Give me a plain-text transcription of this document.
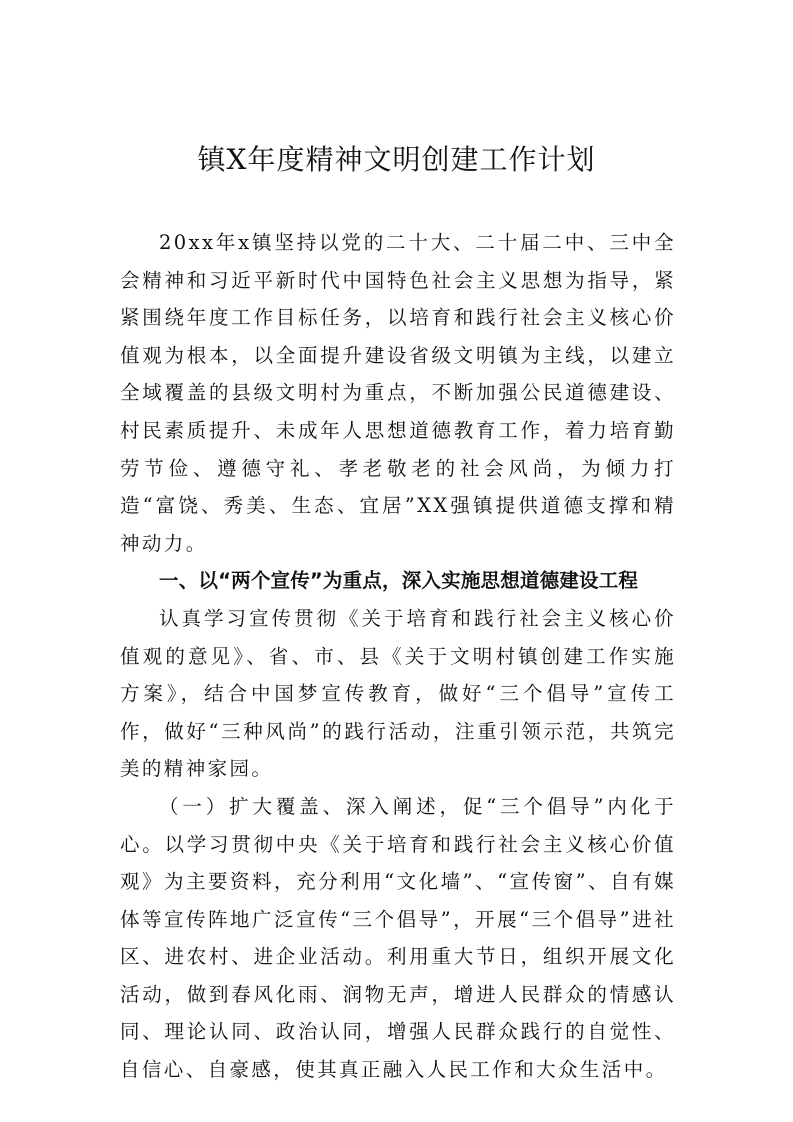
镇X年度精神文明创建工作计划

20xx年x镇坚持以党的二十大、二十届二中、三中全会精神和习近平新时代中国特色社会主义思想为指导，紧紧围绕年度工作目标任务，以培育和践行社会主义核心价值观为根本，以全面提升建设省级文明镇为主线，以建立全域覆盖的县级文明村为重点，不断加强公民道德建设、村民素质提升、未成年人思想道德教育工作，着力培育勤劳节俭、遵德守礼、孝老敬老的社会风尚，为倾力打造“富饶、秀美、生态、宜居”XX强镇提供道德支撑和精神动力。

一、以“两个宣传”为重点，深入实施思想道德建设工程

认真学习宣传贯彻《关于培育和践行社会主义核心价值观的意见》、省、市、县《关于文明村镇创建工作实施方案》，结合中国梦宣传教育，做好“三个倡导”宣传工作，做好“三种风尚”的践行活动，注重引领示范，共筑完美的精神家园。

（一）扩大覆盖、深入阐述，促“三个倡导”内化于心。以学习贯彻中央《关于培育和践行社会主义核心价值观》为主要资料，充分利用“文化墙”、“宣传窗”、自有媒体等宣传阵地广泛宣传“三个倡导”，开展“三个倡导”进社区、进农村、进企业活动。利用重大节日，组织开展文化活动，做到春风化雨、润物无声，增进人民群众的情感认同、理论认同、政治认同，增强人民群众践行的自觉性、自信心、自豪感，使其真正融入人民工作和大众生活中。
